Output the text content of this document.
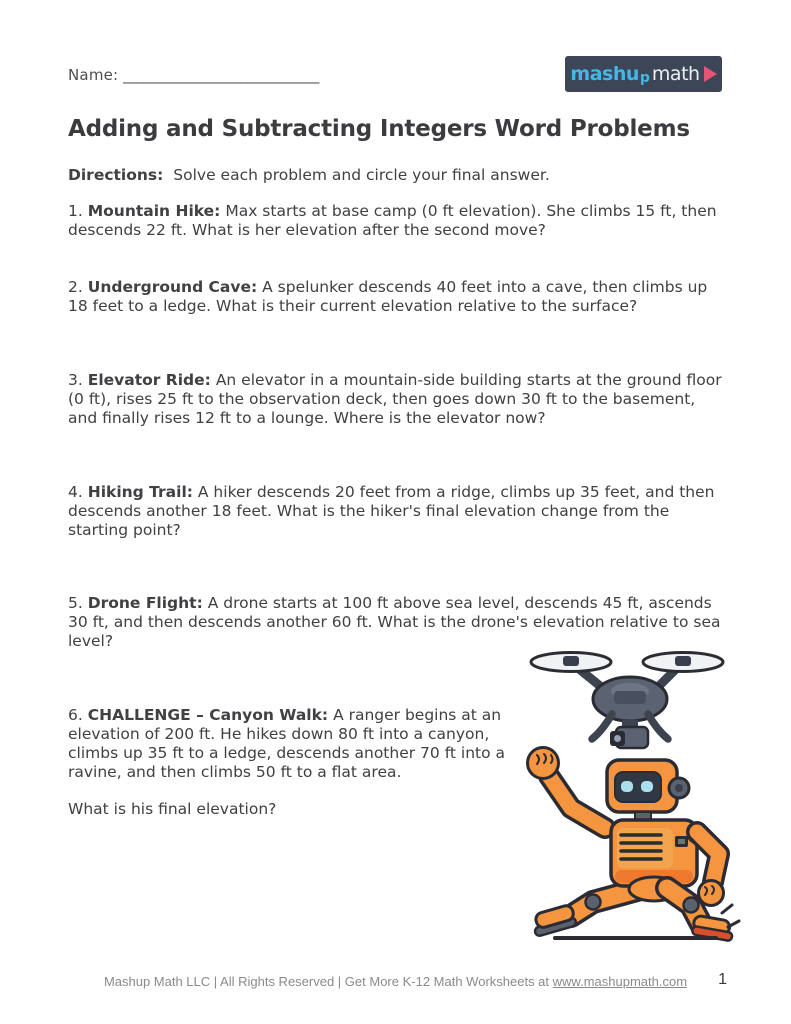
Name: ______________________________	mashu p math
Adding and Subtracting Integers Word Problems

Directions: Solve each problem and circle your final answer.

1. Mountain Hike: Max starts at base camp (0 ft elevation). She climbs 15 ft, then descends 22 ft. What is her elevation after the second move?

2. Underground Cave: A spelunker descends 40 feet into a cave, then climbs up 18 feet to a ledge. What is their current elevation relative to the surface?

3. Elevator Ride: An elevator in a mountain-side building starts at the ground floor (0 ft), rises 25 ft to the observation deck, then goes down 30 ft to the basement, and finally rises 12 ft to a lounge. Where is the elevator now?

4. Hiking Trail: A hiker descends 20 feet from a ridge, climbs up 35 feet, and then descends another 18 feet. What is the hiker's final elevation change from the starting point?

5. Drone Flight: A drone starts at 100 ft above sea level, descends 45 ft, ascends 30 ft, and then descends another 60 ft. What is the drone's elevation relative to sea level?

6. CHALLENGE – Canyon Walk: A ranger begins at an elevation of 200 ft. He hikes down 80 ft into a canyon, climbs up 35 ft to a ledge, descends another 70 ft into a ravine, and then climbs 50 ft to a flat area.

What is his final elevation?

Mashup Math LLC | All Rights Reserved | Get More K-12 Math Worksheets at www.mashupmath.com	1
